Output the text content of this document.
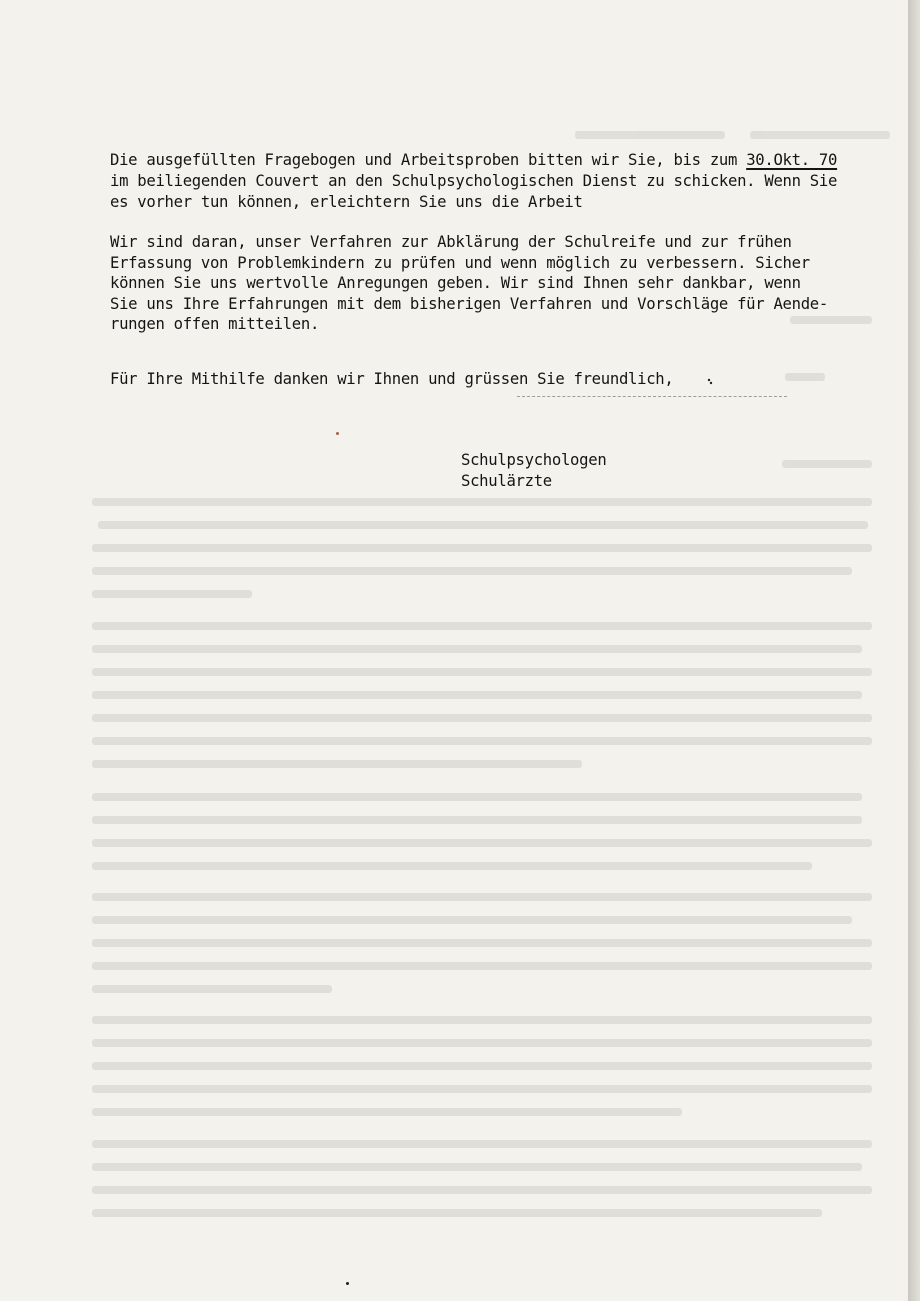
Die ausgefüllten Fragebogen und Arbeitsproben bitten wir Sie, bis zum 30.Okt. 70
im beiliegenden Couvert an den Schulpsychologischen Dienst zu schicken. Wenn Sie
es vorher tun können, erleichtern Sie uns die Arbeit

Wir sind daran, unser Verfahren zur Abklärung der Schulreife und zur frühen
Erfassung von Problemkindern zu prüfen und wenn möglich zu verbessern. Sicher
können Sie uns wertvolle Anregungen geben. Wir sind Ihnen sehr dankbar, wenn
Sie uns Ihre Erfahrungen mit dem bisherigen Verfahren und Vorschläge für Aende-
rungen offen mitteilen.

Für Ihre Mithilfe danken wir Ihnen und grüssen Sie freundlich,

Schulpsychologen
Schulärzte
